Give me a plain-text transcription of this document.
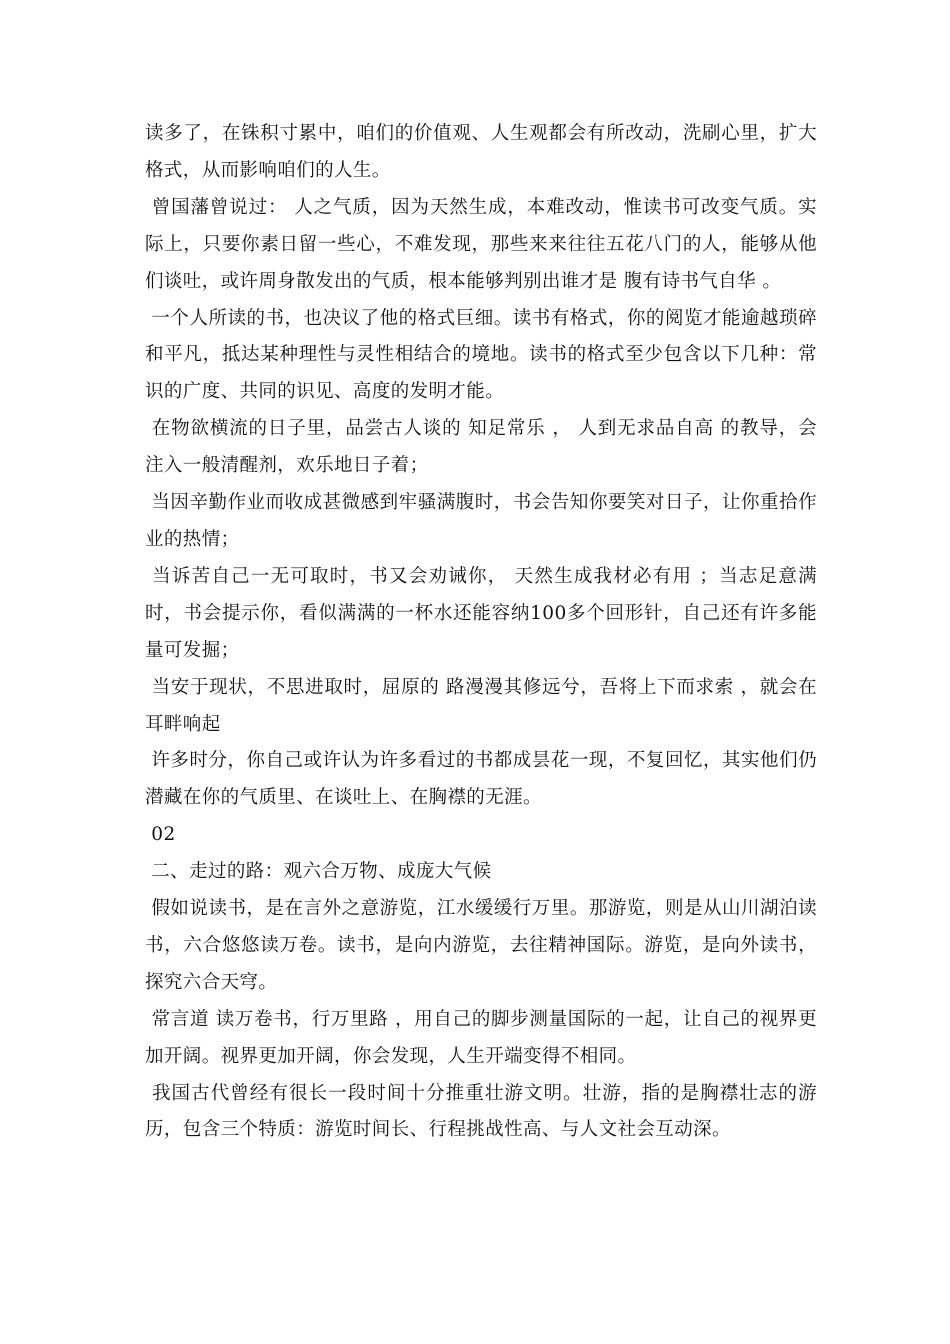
读多了，在铢积寸累中，咱们的价值观、人生观都会有所改动，洗刷心里，扩大格式，从而影响咱们的人生。

曾国藩曾说过： 人之气质，因为天然生成，本难改动，惟读书可改变气质。实际上，只要你素日留一些心，不难发现，那些来来往往五花八门的人，能够从他们谈吐，或许周身散发出的气质，根本能够判别出谁才是 腹有诗书气自华 。

一个人所读的书，也决议了他的格式巨细。读书有格式，你的阅览才能逾越琐碎和平凡，抵达某种理性与灵性相结合的境地。读书的格式至少包含以下几种：常识的广度、共同的识见、高度的发明才能。

在物欲横流的日子里，品尝古人谈的 知足常乐 ， 人到无求品自高 的教导，会注入一般清醒剂，欢乐地日子着；

当因辛勤作业而收成甚微感到牢骚满腹时，书会告知你要笑对日子，让你重拾作业的热情；

当诉苦自己一无可取时，书又会劝诫你， 天然生成我材必有用 ；当志足意满时，书会提示你，看似满满的一杯水还能容纳100多个回形针，自己还有许多能量可发掘；

当安于现状，不思进取时，屈原的 路漫漫其修远兮，吾将上下而求索 ，就会在耳畔响起

许多时分，你自己或许认为许多看过的书都成昙花一现，不复回忆，其实他们仍潜藏在你的气质里、在谈吐上、在胸襟的无涯。

02

二、走过的路：观六合万物、成庞大气候

假如说读书，是在言外之意游览，江水缓缓行万里。那游览，则是从山川湖泊读书，六合悠悠读万卷。读书，是向内游览，去往精神国际。游览，是向外读书，探究六合天穹。

常言道 读万卷书，行万里路 ，用自己的脚步测量国际的一起，让自己的视界更加开阔。视界更加开阔，你会发现，人生开端变得不相同。

我国古代曾经有很长一段时间十分推重壮游文明。壮游，指的是胸襟壮志的游历，包含三个特质：游览时间长、行程挑战性高、与人文社会互动深。
